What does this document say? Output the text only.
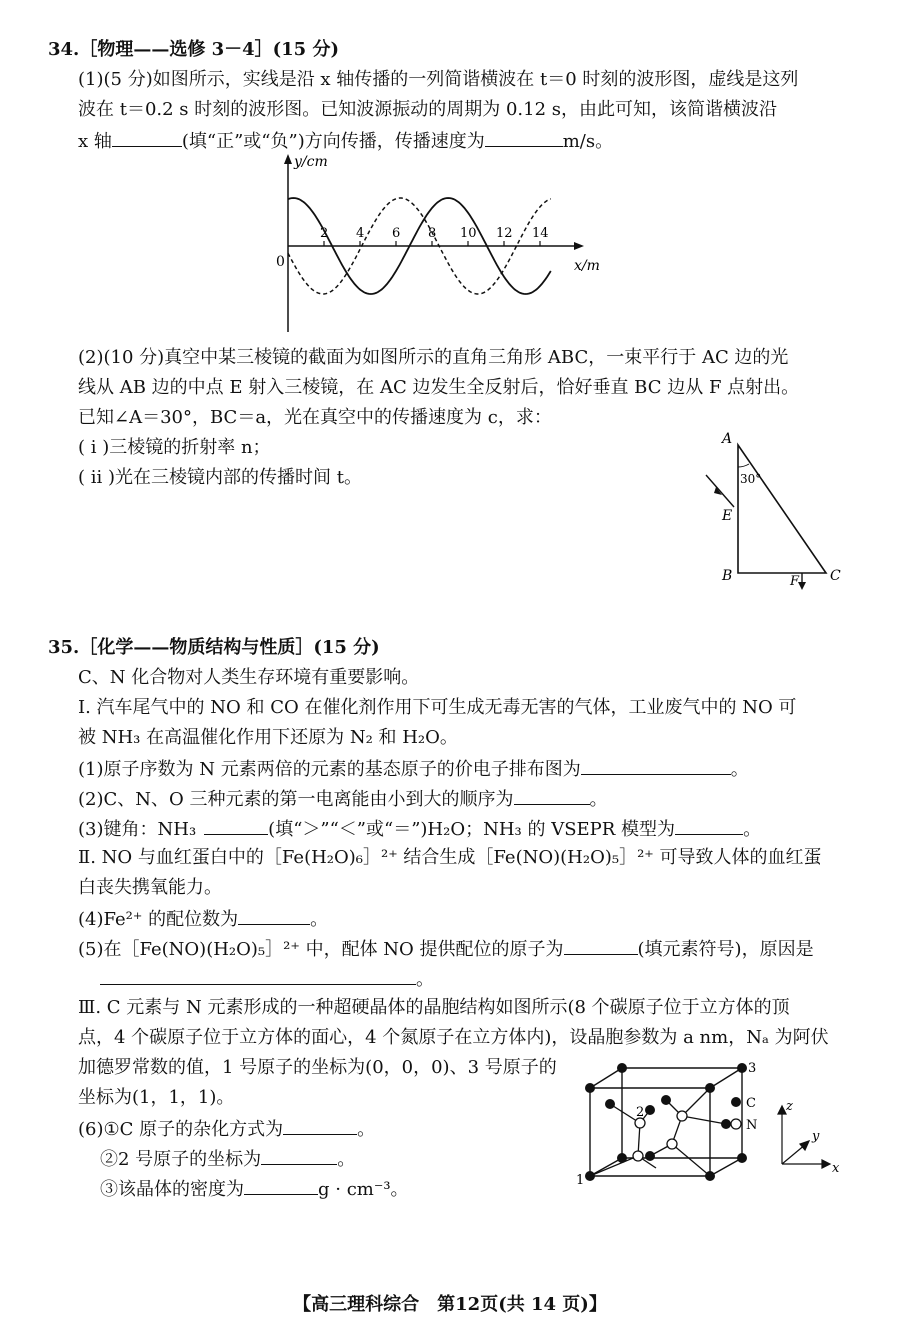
34.［物理——选修 3－4］(15 分)
(1)(5 分)如图所示，实线是沿 x 轴传播的一列简谐横波在 t＝0 时刻的波形图，虚线是这列
波在 t＝0.2 s 时刻的波形图。已知波源振动的周期为 0.12 s，由此可知，该简谐横波沿
x 轴	(填“正”或“负”)方向传播，传播速度为	m/s。
2 4 6 8 10 12 14
y/cm
x/m
0
(2)(10 分)真空中某三棱镜的截面为如图所示的直角三角形 ABC，一束平行于 AC 边的光
线从 AB 边的中点 E 射入三棱镜，在 AC 边发生全反射后，恰好垂直 BC 边从 F 点射出。
已知∠A＝30°，BC＝a，光在真空中的传播速度为 c，求：
( ⅰ )三棱镜的折射率 n；
( ⅱ )光在三棱镜内部的传播时间 t。
A
30°
E
B	F C
35.［化学——物质结构与性质］(15 分)
C、N 化合物对人类生存环境有重要影响。
Ⅰ. 汽车尾气中的 NO 和 CO 在催化剂作用下可生成无毒无害的气体，工业废气中的 NO 可
被 NH₃ 在高温催化作用下还原为 N₂ 和 H₂O。
(1)原子序数为 N 元素两倍的元素的基态原子的价电子排布图为	。
(2)C、N、O 三种元素的第一电离能由小到大的顺序为	。
(3)键角：NH₃	(填“＞”“＜”或“＝”)H₂O；NH₃ 的 VSEPR 模型为	。
Ⅱ. NO 与血红蛋白中的［Fe(H₂O)₆］²⁺ 结合生成［Fe(NO)(H₂O)₅］²⁺ 可导致人体的血红蛋
白丧失携氧能力。
(4)Fe²⁺ 的配位数为	。
(5)在［Fe(NO)(H₂O)₅］²⁺ 中，配体 NO 提供配位的原子为	(填元素符号)，原因是
。
Ⅲ. C 元素与 N 元素形成的一种超硬晶体的晶胞结构如图所示(8 个碳原子位于立方体的顶
点，4 个碳原子位于立方体的面心，4 个氮原子在立方体内)，设晶胞参数为 a nm，Nₐ 为阿伏
加德罗常数的值，1 号原子的坐标为(0，0，0)、3 号原子的
坐标为(1，1，1)。
(6)①C 原子的杂化方式为	。
②2 号原子的坐标为	。
③该晶体的密度为	g · cm⁻³。	1
2
3
C
N
z
y
x
【高三理科综合　第12页(共 14 页)】
